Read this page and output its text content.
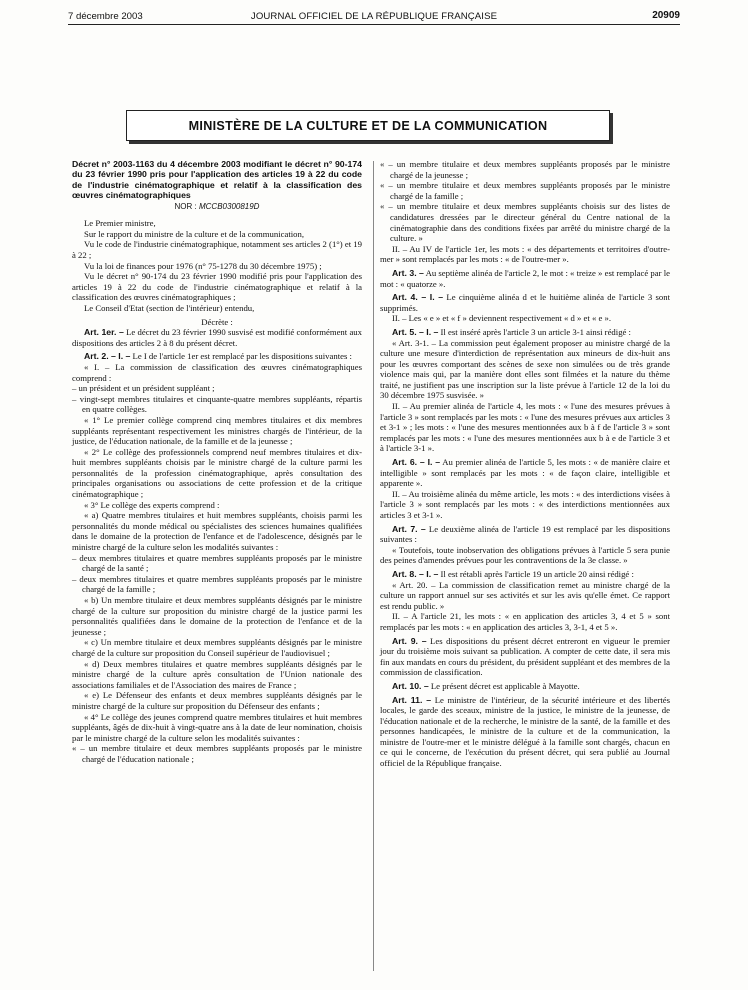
7 décembre 2003	JOURNAL OFFICIEL DE LA RÉPUBLIQUE FRANÇAISE	20909
MINISTÈRE DE LA CULTURE ET DE LA COMMUNICATION

Décret n° 2003-1163 du 4 décembre 2003 modifiant le décret n° 90-174 du 23 février 1990 pris pour l'application des articles 19 à 22 du code de l'industrie cinématographique et relatif à la classification des œuvres cinématographiques

NOR : MCCB0300819D

Le Premier ministre,

Sur le rapport du ministre de la culture et de la communication,

Vu le code de l'industrie cinématographique, notamment ses articles 2 (1°) et 19 à 22 ;

Vu la loi de finances pour 1976 (n° 75-1278 du 30 décembre 1975) ;

Vu le décret n° 90-174 du 23 février 1990 modifié pris pour l'application des articles 19 à 22 du code de l'industrie cinématographique et relatif à la classification des œuvres cinématographiques ;

Le Conseil d'Etat (section de l'intérieur) entendu,

Décrète :

Art. 1er. – Le décret du 23 février 1990 susvisé est modifié conformément aux dispositions des articles 2 à 8 du présent décret.

Art. 2. – I. – Le I de l'article 1er est remplacé par les dispositions suivantes :

« I. – La commission de classification des œuvres cinématographiques comprend :

– un président et un président suppléant ;

– vingt-sept membres titulaires et cinquante-quatre membres suppléants, répartis en quatre collèges.

« 1° Le premier collège comprend cinq membres titulaires et dix membres suppléants représentant respectivement les ministres chargés de l'intérieur, de la justice, de l'éducation nationale, de la famille et de la jeunesse ;

« 2° Le collège des professionnels comprend neuf membres titulaires et dix-huit membres suppléants choisis par le ministre chargé de la culture parmi les personnalités de la profession cinématographique, après consultation des principales organisations ou associations de cette profession et de la critique cinématographique ;

« 3° Le collège des experts comprend :

« a) Quatre membres titulaires et huit membres suppléants, choisis parmi les personnalités du monde médical ou spécialistes des sciences humaines qualifiées dans le domaine de la protection de l'enfance et de l'adolescence, désignés par le ministre chargé de la culture selon les modalités suivantes :

– deux membres titulaires et quatre membres suppléants proposés par le ministre chargé de la santé ;

– deux membres titulaires et quatre membres suppléants proposés par le ministre chargé de la famille ;

« b) Un membre titulaire et deux membres suppléants désignés par le ministre chargé de la culture sur proposition du ministre chargé de la justice parmi les personnalités qualifiées dans le domaine de la protection de l'enfance et de la jeunesse ;

« c) Un membre titulaire et deux membres suppléants désignés par le ministre chargé de la culture sur proposition du Conseil supérieur de l'audiovisuel ;

« d) Deux membres titulaires et quatre membres suppléants désignés par le ministre chargé de la culture après consultation de l'Union nationale des associations familiales et de l'Association des maires de France ;

« e) Le Défenseur des enfants et deux membres suppléants désignés par le ministre chargé de la culture sur proposition du Défenseur des enfants ;

« 4° Le collège des jeunes comprend quatre membres titulaires et huit membres suppléants, âgés de dix-huit à vingt-quatre ans à la date de leur nomination, choisis par le ministre chargé de la culture selon les modalités suivantes :

« – un membre titulaire et deux membres suppléants proposés par le ministre chargé de l'éducation nationale ;

« – un membre titulaire et deux membres suppléants proposés par le ministre chargé de la jeunesse ;

« – un membre titulaire et deux membres suppléants proposés par le ministre chargé de la famille ;

« – un membre titulaire et deux membres suppléants choisis sur des listes de candidatures dressées par le directeur général du Centre national de la cinématographie dans des conditions fixées par arrêté du ministre chargé de la culture. »

II. – Au IV de l'article 1er, les mots : « des départements et territoires d'outre-mer » sont remplacés par les mots : « de l'outre-mer ».

Art. 3. – Au septième alinéa de l'article 2, le mot : « treize » est remplacé par le mot : « quatorze ».

Art. 4. – I. – Le cinquième alinéa d et le huitième alinéa de l'article 3 sont supprimés.

II. – Les « e » et « f » deviennent respectivement « d » et « e ».

Art. 5. – I. – Il est inséré après l'article 3 un article 3-1 ainsi rédigé :

« Art. 3-1. – La commission peut également proposer au ministre chargé de la culture une mesure d'interdiction de représentation aux mineurs de dix-huit ans pour les œuvres comportant des scènes de sexe non simulées ou de très grande violence mais qui, par la manière dont elles sont filmées et la nature du thème traité, ne justifient pas une inscription sur la liste prévue à l'article 12 de la loi du 30 décembre 1975 susvisée. »

II. – Au premier alinéa de l'article 4, les mots : « l'une des mesures prévues à l'article 3 » sont remplacés par les mots : « l'une des mesures prévues aux articles 3 et 3-1 » ; les mots : « l'une des mesures mentionnées aux b à f de l'article 3 » sont remplacés par les mots : « l'une des mesures mentionnées aux b à e de l'article 3 et à l'article 3-1 ».

Art. 6. – I. – Au premier alinéa de l'article 5, les mots : « de manière claire et intelligible » sont remplacés par les mots : « de façon claire, intelligible et apparente ».

II. – Au troisième alinéa du même article, les mots : « des interdictions visées à l'article 3 » sont remplacés par les mots : « des interdictions mentionnées aux articles 3 et 3-1 ».

Art. 7. – Le deuxième alinéa de l'article 19 est remplacé par les dispositions suivantes :

« Toutefois, toute inobservation des obligations prévues à l'article 5 sera punie des peines d'amendes prévues pour les contraventions de la 3e classe. »

Art. 8. – I. – Il est rétabli après l'article 19 un article 20 ainsi rédigé :

« Art. 20. – La commission de classification remet au ministre chargé de la culture un rapport annuel sur ses activités et sur les avis qu'elle émet. Ce rapport est rendu public. »

II. – A l'article 21, les mots : « en application des articles 3, 4 et 5 » sont remplacés par les mots : « en application des articles 3, 3-1, 4 et 5 ».

Art. 9. – Les dispositions du présent décret entreront en vigueur le premier jour du troisième mois suivant sa publication. A compter de cette date, il sera mis fin aux mandats en cours du président, du président suppléant et des membres de la commission de classification.

Art. 10. – Le présent décret est applicable à Mayotte.

Art. 11. – Le ministre de l'intérieur, de la sécurité intérieure et des libertés locales, le garde des sceaux, ministre de la justice, le ministre de la jeunesse, de l'éducation nationale et de la recherche, le ministre de la santé, de la famille et des personnes handicapées, le ministre de la culture et de la communication, la ministre de l'outre-mer et le ministre délégué à la famille sont chargés, chacun en ce qui le concerne, de l'exécution du présent décret, qui sera publié au Journal officiel de la République française.
